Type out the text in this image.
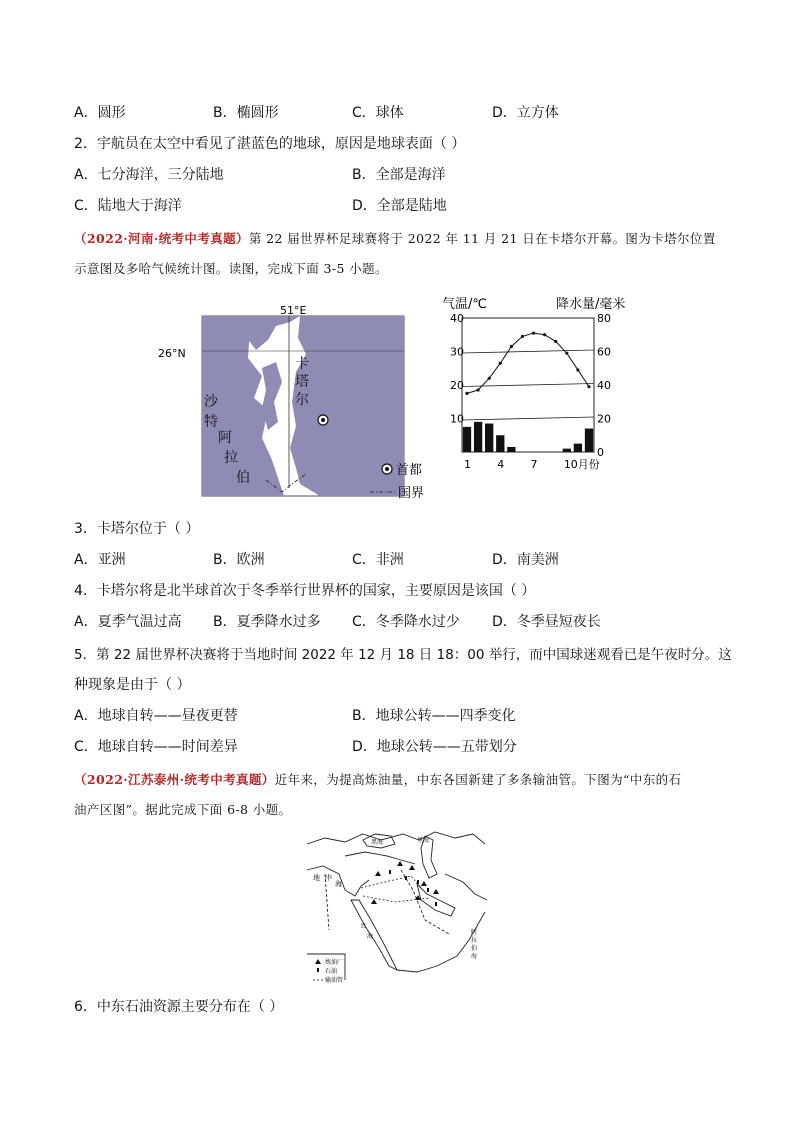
A．圆形	B．椭圆形	C．球体	D．立方体
2．宇航员在太空中看见了湛蓝色的地球，原因是地球表面（ ）
A．七分海洋，三分陆地	B．全部是海洋
C．陆地大于海洋	D．全部是陆地
（2022·河南·统考中考真题）第 22 届世界杯足球赛将于 2022 年 11 月 21 日在卡塔尔开幕。图为卡塔尔位置
示意图及多哈气候统计图。读图，完成下面 3-5 小题。
51°E
26°N
卡
塔
尔
沙
特
阿
拉
伯	首都
国界
气温/℃	降水量/毫米
40
30
20
10
80
60
40
20
0
1 4 7 10月份
3．卡塔尔位于（ ）
A．亚洲	B．欧洲	C．非洲	D．南美洲
4．卡塔尔将是北半球首次于冬季举行世界杯的国家，主要原因是该国（ ）
A．夏季气温过高 B．夏季降水过多 C．冬季降水过少 D．冬季昼短夜长
5．第 22 届世界杯决赛将于当地时间 2022 年 12 月 18 日 18：00 举行，而中国球迷观看已是午夜时分。这
种现象是由于（ ）
A．地球自转——昼夜更替	B．地球公转——四季变化
C．地球自转——时间差异	D．地球公转——五带划分
（2022·江苏泰州·统考中考真题）近年来，为提高炼油量，中东各国新建了多条输油管。下图为“中东的石
油产区图”。据此完成下面 6-8 小题。
黑海	里海
地 中
海
红
海
阿
拉
伯
海
炼油厂
石油
输油管
6．中东石油资源主要分布在（ ）
